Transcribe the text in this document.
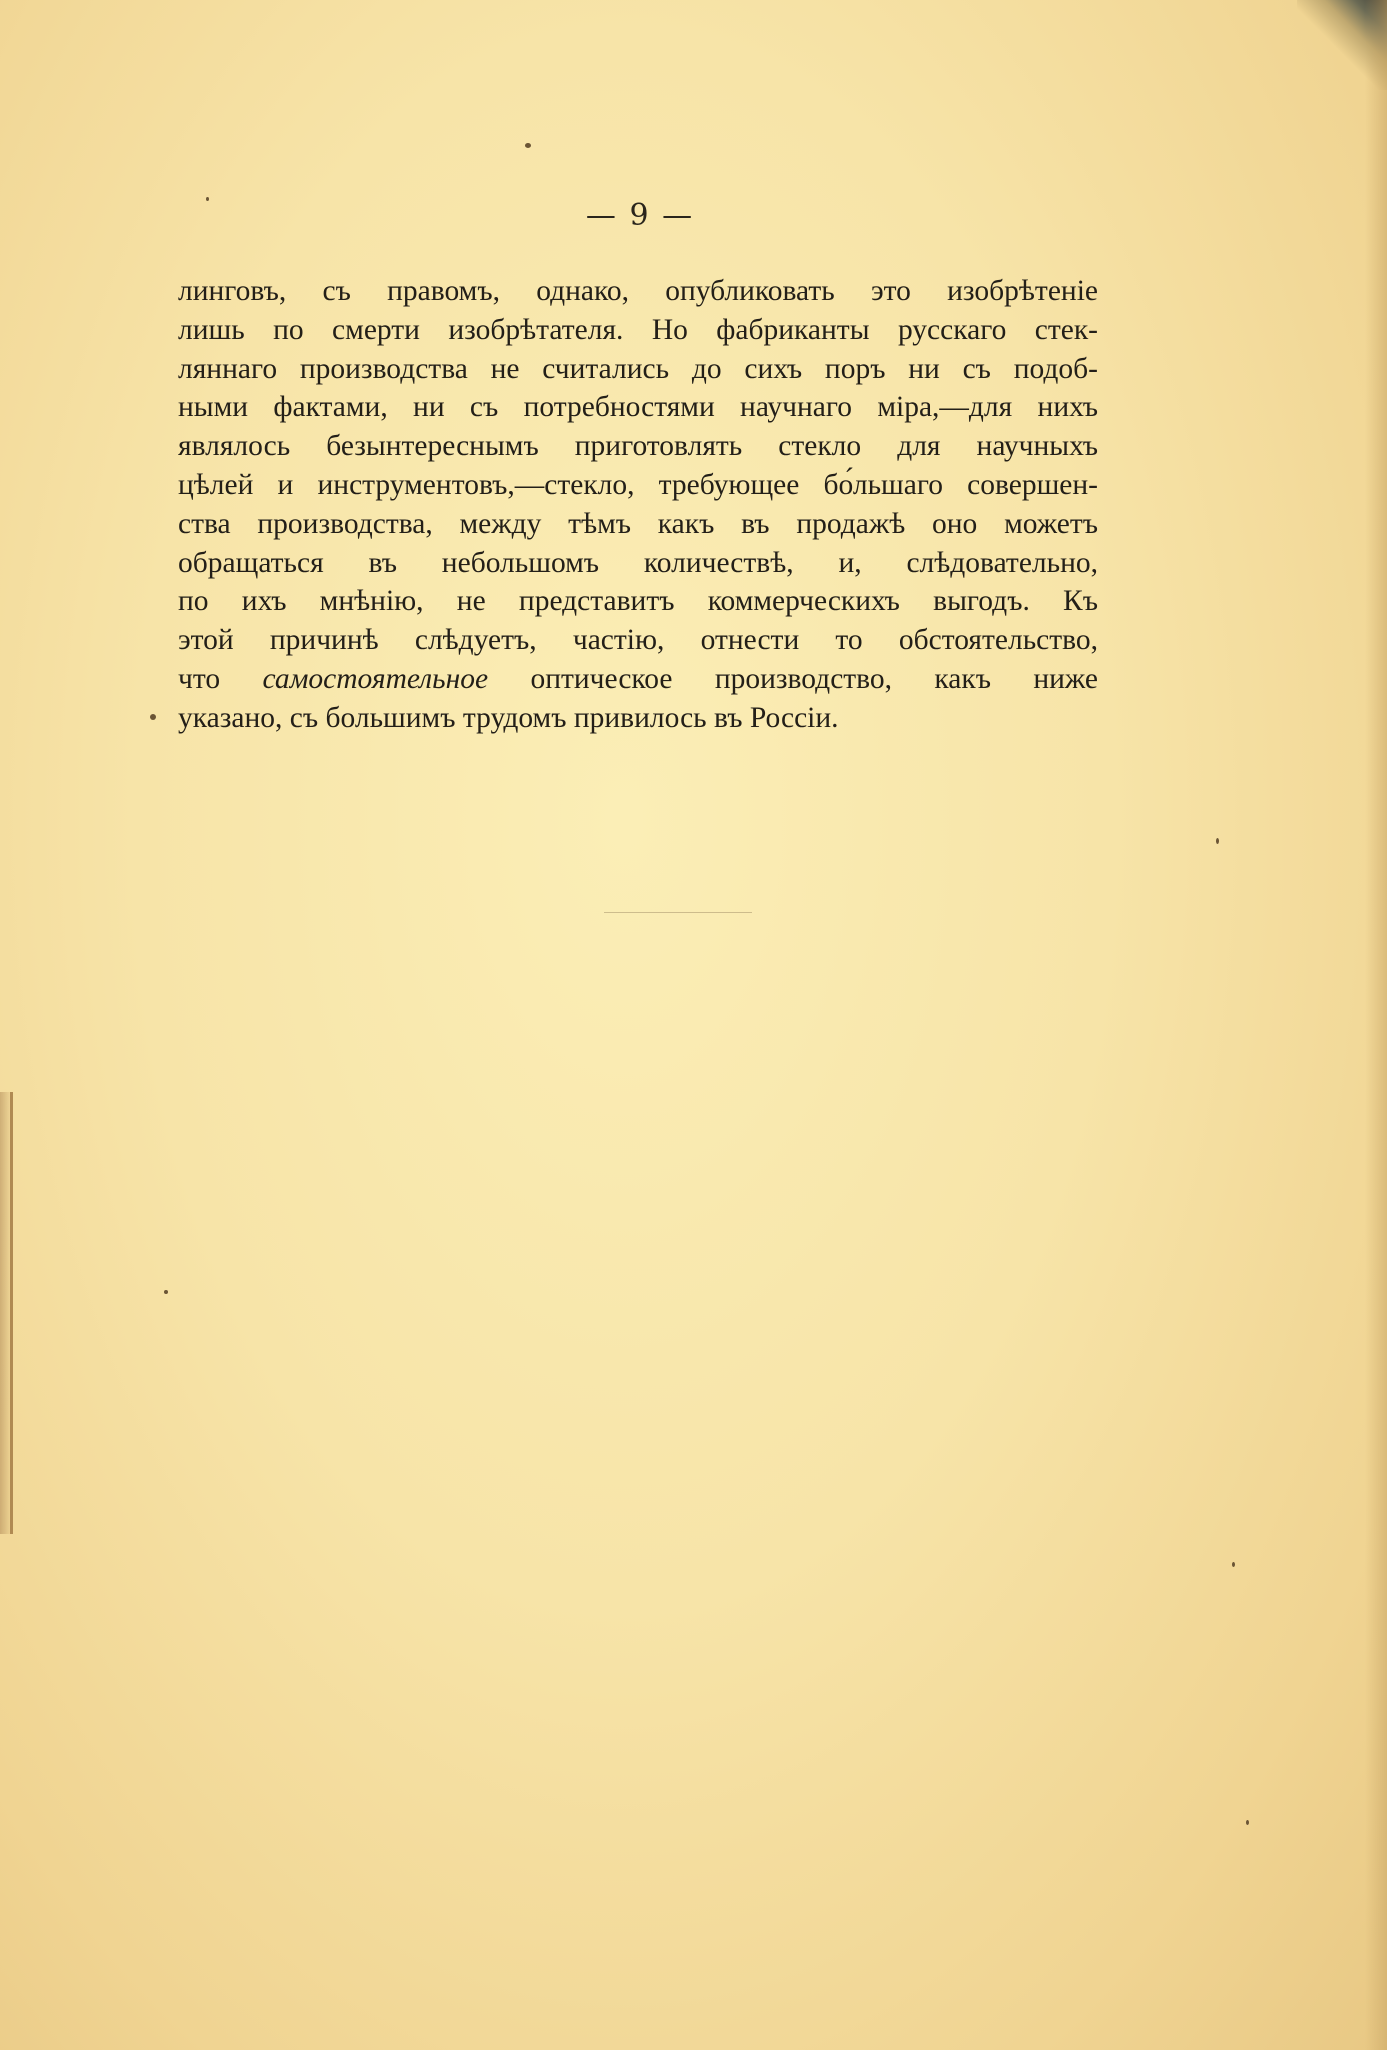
— 9 —
линговъ, съ правомъ, однако, опубликовать это изобрѣтеніе
лишь по смерти изобрѣтателя. Но фабриканты русскаго стек-
ляннаго производства не считались до сихъ поръ ни съ подоб-
ными фактами, ни съ потребностями научнаго міра,—для нихъ
являлось безынтереснымъ приготовлять стекло для научныхъ
цѣлей и инструментовъ,—стекло, требующее бо́льшаго совершен-
ства производства, между тѣмъ какъ въ продажѣ оно можетъ
обращаться въ небольшомъ количествѣ, и, слѣдовательно,
по ихъ мнѣнію, не представитъ коммерческихъ выгодъ. Къ
этой причинѣ слѣдуетъ, частію, отнести то обстоятельство,
что самостоятельное оптическое производство, какъ ниже
указано, съ большимъ трудомъ привилось въ Россіи.
